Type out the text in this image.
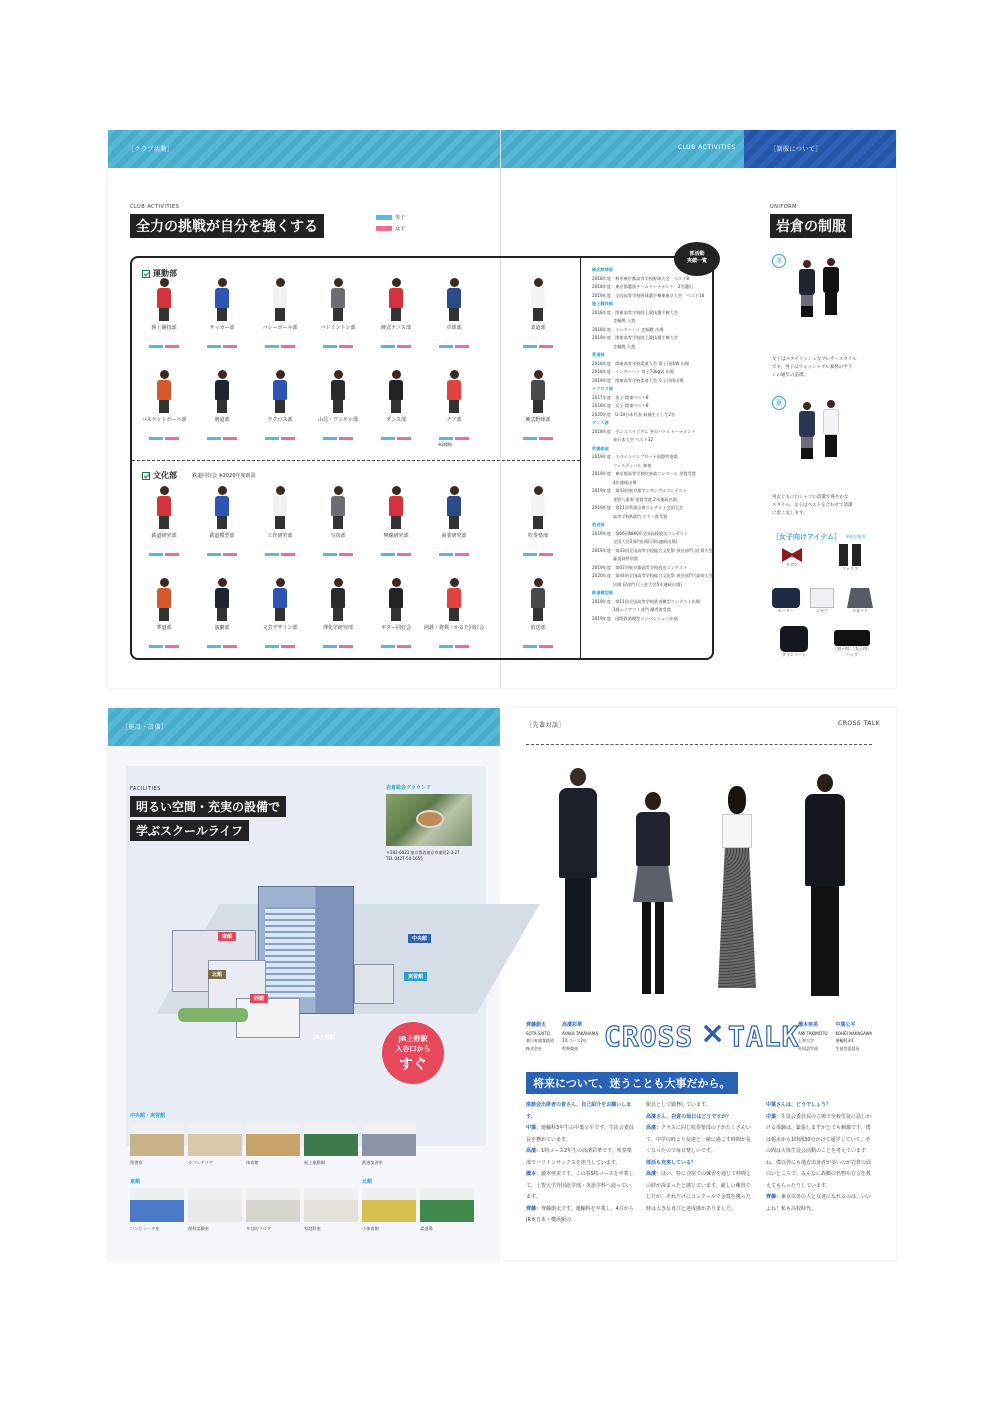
［クラブ活動］	CLUB ACTIVITIES	［制服について］
CLUB ACTIVITIES
全力の挑戦が自分を強くする
男子
女子
運動部
文化部	鉄道同好会 ※2020年度新設
陸上競技部	サッカー部	バレーボール部	バドミントン部	硬式テニス部	卓球部	柔道部
バスケットボール部	剣道部	ラクロス部	山岳・ワンゲル部	ダンス部	チア部	硬式野球部
鉄道研究部	鉄道模型部	工作研究部	写真部	無線研究部	商業研究部	吹奏楽部
華道部	演劇部	文芸デザイン部	理化学研究部	ギター同好会	囲碁・将棋・かるた同好会	放送部
※2種類
部活動
実績一覧
硬式野球部
2018年度　秋季東京都高等学校野球大会　ベスト8
2018年度　東京都選抜チームトーナメント　2名選出
2019年度　全国高等学校野球選手権東東京大会　ベスト16
陸上競技部
2018年度　関東高等学校陸上競技選手権大会
　　　　　走幅跳 入賞
2018年度　インターハイ 走幅跳 出場
2019年度　関東高等学校陸上競技選手権大会
　　　　　走幅跳 入賞
柔道部
2018年度　関東高等学校柔道大会 男子団体戦 出場
2018年度　インターハイ 男子73kg級 出場
2019年度　関東高等学校柔道大会 女子団体出場
ラクロス部
2017年度　男子 関東ベスト8
2018年度　女子 関東ベスト8
2020年度　U-19日本代表 候補生として2名
ダンス部
2018年度　ダンススタジアム 冬のバトルトーナメント
　　　　　東日本大会 ベスト32
吹奏楽部
2019年度　スペインバンプローナ国際吹奏楽
　　　　　フェスティバル 参加
2019年度　東京都高等学校吹奏楽コンクール 金賞受賞
　　　　　4年連続出場
2019年度　第43回東京都アンサンブルコンテスト
　　　　　金管八重奏 金賞受賞 2年連続出場
2019年度　第21回管楽合奏コンテスト全国大会
　　　　　高等学校A部門 ヤマハ賞受賞
放送部
2019年度　第66回NHK杯全国高校放送コンテスト
　　　　　全国大会2部門出場 (3年連続出場)
2019年度　第43回全国高等学校総合文化祭 放送部門 (佐賀大会)
　　　　　審査員特別賞
2019年度　第67回東京都高等学校放送コンテスト
2020年度　第44回全国高等学校総合文化祭 放送部門 (高知大会)
　　　　　出場 (2部門) (土佐大会5年連続出場)
鉄道模型部
2019年度　第11回全国高等学校鉄道模型コンテスト出場
　　　　　1畳レイアウト部門 優秀賞受賞
2019年度　国際鉄道模型コンベンション出展
UNIFORM
岩倉の制服
冬
女子はスタイリッシュなブレザースタイル
です。男子はウォッシャブル素材の学ラ
ンの通年の詰襟。
夏
男女ともに白シャツの清潔で爽やかな
スタイル。女子はベストを合わせて清潔
に着こなします。
［女子向けアイテム］ ※男女兼用
リボン
ソックス
セーター	シャツ	スカート
ダウンコート
［男子用］［女子用］
バッグ
［施設・設備］	［先輩対談］	CROSS TALK
FACILITIES
明るい空間・充実の設備で
学ぶスクールライフ
岩倉総合グラウンド
〒282-6023 東京都西東京市東町2-3-27
TEL 0427-54-1655
東館	中央館
北館	実習館
西館
JR上野駅	JR上野駅
入谷口から
すぐ
中央館・実習館
東館	北館
齊藤創太
SOTA SAITO
東日本旅客鉄道
株式会社
高濱彩華
AYAKA TAKAHAMA
1年コース2年
吹奏楽部 CROSS × TALK
瀧本亜美
AMI TAKIMOTO
上智大学
外国語学部
中葉公平
KOHEI NAKAGAWA
運輸科3年
生徒会委員長
将来について、迷うことも大事だから。
座談会出席者の皆さん、自己紹介をお願いします。
中葉：運輸科3年生の中葉公平です。生徒会委員長を務めています。
高濱：1特コース2年生の高濱彩華です。吹奏楽部でバリトンサックスを担当しています。
瀧本：瀧本亜美です。この春S特コースを卒業して、上智大学外国語学部・英語学科へ通っています。
齊藤：齊藤創太です。運輸科を卒業し、4月からJR東日本・横浜駅の
駅員として勤務しています。
高濱さん、岩倉の毎日はどうですか？
高濱：クラスに同じ吹奏楽部の子がたくさんいて、中学の時より友達と一緒に過ごす時間が長くなったので毎日楽しいです。
部活も充実している？
高濱：はい。特に合宿での練習を通じて仲間との絆が深まったと感じています。厳しい練習でしたが、それだけにコンクールで金賞を獲った時は大きな喜びと達成感がありました。
中葉さんは、どうでしょう？
中葉：生徒会委員長の立場で全校生徒に話しかける体験は、緊張しますがとても刺激です。僕は栃木から1時間30分かけて通学していて、その間は大体生徒会活動のことを考えていますね。僕以外にも地方出身者が多いのが岩倉の面白いところで、みんなに故郷の名物や方言を教えてもらったりしています。
齊藤：東京以外の人と友達になれるのは、いいよね！私も高校時代、
図書室	カフェテリア	体育館	屋上運動場	鉄道実習室
コンピュータ室	理科実験室	多目的フロア	家庭科室	小体育館	柔道場
